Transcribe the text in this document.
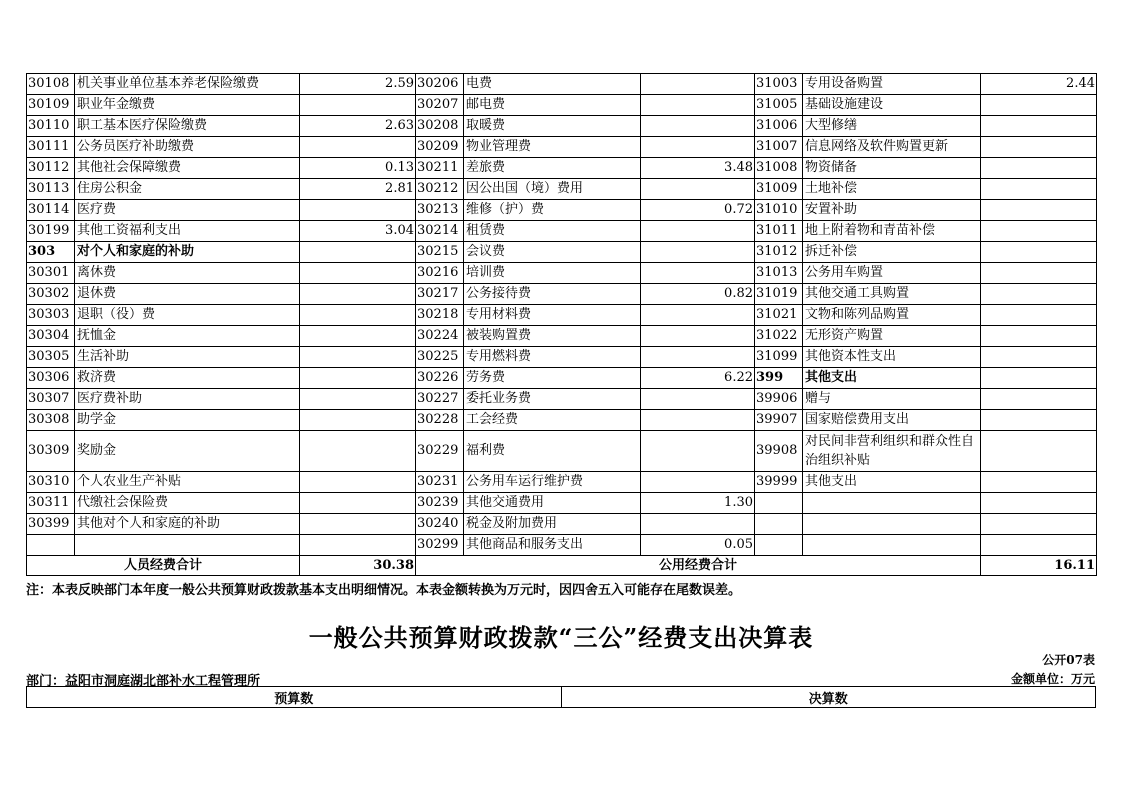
30108	机关事业单位基本养老保险缴费	2.59	30206	电费		31003	专用设备购置	2.44
30109	职业年金缴费		30207	邮电费		31005	基础设施建设	
30110	职工基本医疗保险缴费	2.63	30208	取暖费		31006	大型修缮	
30111	公务员医疗补助缴费		30209	物业管理费		31007	信息网络及软件购置更新	
30112	其他社会保障缴费	0.13	30211	差旅费	3.48	31008	物资储备	
30113	住房公积金	2.81	30212	因公出国（境）费用		31009	土地补偿	
30114	医疗费		30213	维修（护）费	0.72	31010	安置补助	
30199	其他工资福利支出	3.04	30214	租赁费		31011	地上附着物和青苗补偿	
303	对个人和家庭的补助		30215	会议费		31012	拆迁补偿	
30301	离休费		30216	培训费		31013	公务用车购置	
30302	退休费		30217	公务接待费	0.82	31019	其他交通工具购置	
30303	退职（役）费		30218	专用材料费		31021	文物和陈列品购置	
30304	抚恤金		30224	被装购置费		31022	无形资产购置	
30305	生活补助		30225	专用燃料费		31099	其他资本性支出	
30306	救济费		30226	劳务费	6.22	399	其他支出	
30307	医疗费补助		30227	委托业务费		39906	赠与	
30308	助学金		30228	工会经费		39907	国家赔偿费用支出	
30309	奖励金		30229	福利费		39908	对民间非营利组织和群众性自治组织补贴	
30310	个人农业生产补贴		30231	公务用车运行维护费		39999	其他支出	
30311	代缴社会保险费		30239	其他交通费用	1.30			
30399	其他对个人和家庭的补助		30240	税金及附加费用				
			30299	其他商品和服务支出	0.05			
人员经费合计		30.38	公用经费合计					16.11
注：本表反映部门本年度一般公共预算财政拨款基本支出明细情况。本表金额转换为万元时，因四舍五入可能存在尾数误差。
一般公共预算财政拨款“三公”经费支出决算表
公开07表
部门：益阳市洞庭湖北部补水工程管理所	金额单位：万元
预算数	决算数
